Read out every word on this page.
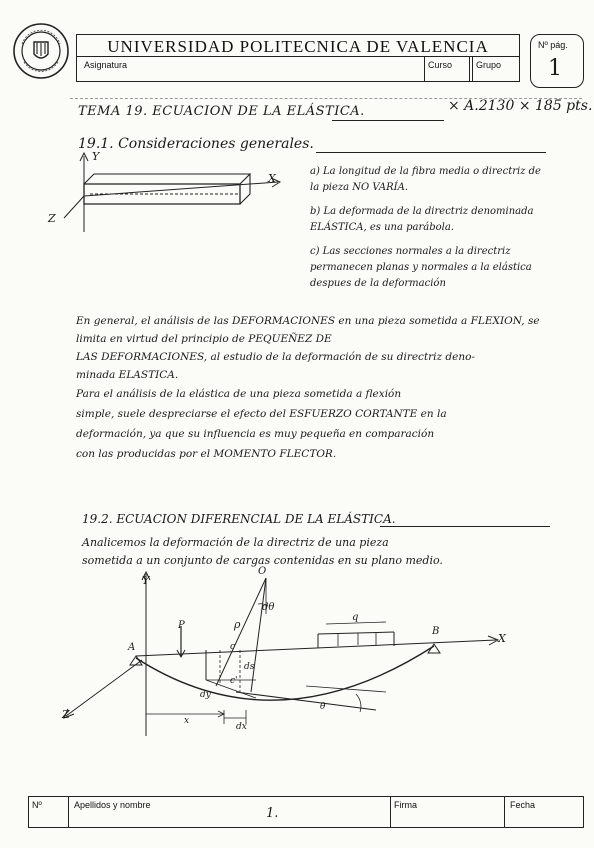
UNIVERSIDAD POLITECNICA DE VALENCIA
Asignatura	Curso	Grupo
Nº pág.
1
TEMA 19. ECUACION DE LA ELÁSTICA.	× A.2130 × 185 pts.
19.1. Consideraciones generales.
Y
X
Z
a) La longitud de la fibra media o directriz de la pieza NO VARÍA.
b) La deformada de la directriz denominada ELÁSTICA, es una parábola.
c) Las secciones normales a la directriz permanecen planas y normales a la elástica despues de la deformación
En general, el análisis de las DEFORMACIONES en una pieza sometida a FLEXION, se limita en virtud del principio de PEQUEÑEZ DE
LAS DEFORMACIONES, al estudio de la deformación de su directriz deno-
minada ELASTICA.
Para el análisis de la elástica de una pieza sometida a flexión
simple, suele despreciarse el efecto del ESFUERZO CORTANTE en la
deformación, ya que su influencia es muy pequeña en comparación
con las producidas por el MOMENTO FLECTOR.
19.2. ECUACION DIFERENCIAL DE LA ELÁSTICA.
Analicemos la deformación de la directriz de una pieza
sometida a un conjunto de cargas contenidas en su plano medio.
Y
O
dθ
ρ
P
q
A
B
c
c'
ds
dy
θ
X
Z	x
dx
Nº	Apellidos y nombre
1.
Firma	Fecha
